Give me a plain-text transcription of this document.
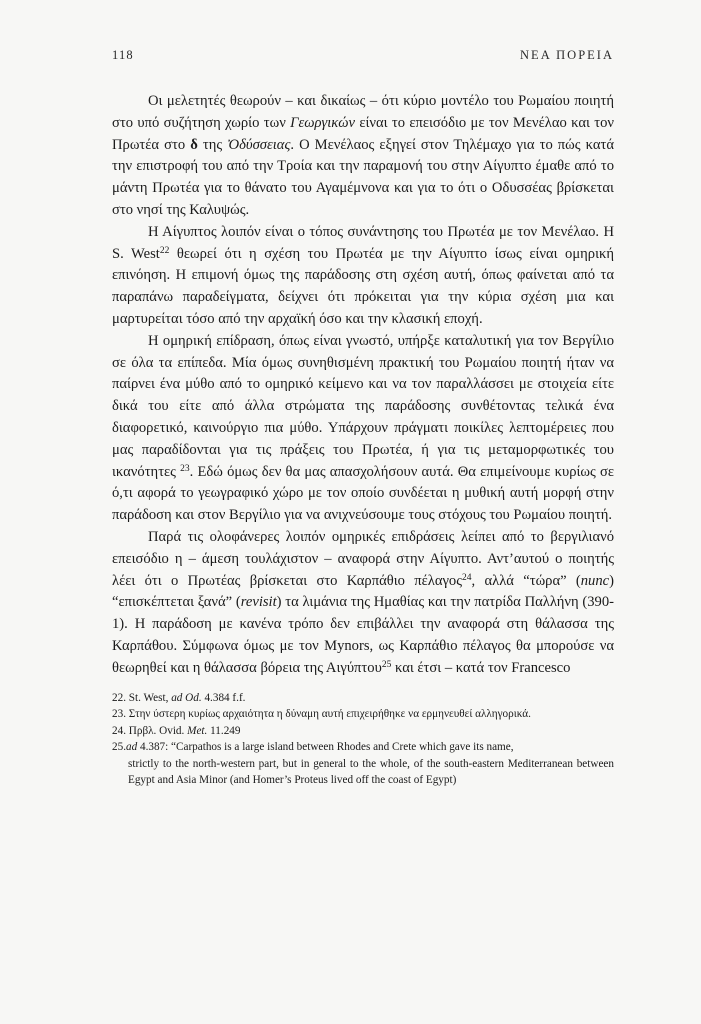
118	ΝΕΑ ΠΟΡΕΙΑ

Οι μελετητές θεωρούν – και δικαίως – ότι κύριο μοντέλο του Ρωμαίου ποιητή στο υπό συζήτηση χωρίο των Γεωργικών είναι το επεισόδιο με τον Μενέλαο και τον Πρωτέα στο δ της Ὀδύσσειας. Ο Μενέλαος εξηγεί στον Τηλέμαχο για το πώς κατά την επιστροφή του από την Τροία και την παραμονή του στην Αίγυπτο έμαθε από το μάντη Πρωτέα για το θάνατο του Αγαμέμνονα και για το ότι ο Οδυσσέας βρίσκεται στο νησί της Καλυψώς.

Η Αίγυπτος λοιπόν είναι ο τόπος συνάντησης του Πρωτέα με τον Μενέλαο. Η S. West$^{22}$ θεωρεί ότι η σχέση του Πρωτέα με την Αίγυπτο ίσως είναι ομηρική επινόηση. Η επιμονή όμως της παράδοσης στη σχέση αυτή, όπως φαίνεται από τα παραπάνω παραδείγματα, δείχνει ότι πρόκειται για την κύρια σχέση μια και μαρτυρείται τόσο από την αρχαϊκή όσο και την κλασική εποχή.

Η ομηρική επίδραση, όπως είναι γνωστό, υπήρξε καταλυτική για τον Βεργίλιο σε όλα τα επίπεδα. Μία όμως συνηθισμένη πρακτική του Ρωμαίου ποιητή ήταν να παίρνει ένα μύθο από το ομηρικό κείμενο και να τον παραλλάσσει με στοιχεία είτε δικά του είτε από άλλα στρώματα της παράδοσης συνθέτοντας τελικά ένα διαφορετικό, καινούργιο πια μύθο. Υπάρχουν πράγματι ποικίλες λεπτομέρειες που μας παραδίδονται για τις πράξεις του Πρωτέα, ή για τις μεταμορφωτικές του ικανότητες $^{23}$. Εδώ όμως δεν θα μας απασχολήσουν αυτά. Θα επιμείνουμε κυρίως σε ό,τι αφορά το γεωγραφικό χώρο με τον οποίο συνδέεται η μυθική αυτή μορφή στην παράδοση και στον Βεργίλιο για να ανιχνεύσουμε τους στόχους του Ρωμαίου ποιητή.

Παρά τις ολοφάνερες λοιπόν ομηρικές επιδράσεις λείπει από το βεργιλιανό επεισόδιο η – άμεση τουλάχιστον – αναφορά στην Αίγυπτο. Αντ’αυτού ο ποιητής λέει ότι ο Πρωτέας βρίσκεται στο Καρπάθιο πέλαγος$^{24}$, αλλά “τώρα” (nunc) “επισκέπτεται ξανά” (revisit) τα λιμάνια της Ημαθίας και την πατρίδα Παλλήνη (390-1). Η παράδοση με κανένα τρόπο δεν επιβάλλει την αναφορά στη θάλασσα της Καρπάθου. Σύμφωνα όμως με τον Mynors, ως Καρπάθιο πέλαγος θα μπορούσε να θεωρηθεί και η θάλασσα βόρεια της Αιγύπτου$^{25}$ και έτσι – κατά τον Francesco

22. St. West, ad Od. 4.384 f.f.

23. Στην ύστερη κυρίως αρχαιότητα η δύναμη αυτή επιχειρήθηκε να ερμηνευθεί αλληγορικά.

24. Πρβλ. Ovid. Met. 11.249

25.ad 4.387: “Carpathos is a large island between Rhodes and Crete which gave its name,
strictly to the north-western part, but in general to the whole, of the south-eastern Mediterranean between Egypt and Asia Minor (and Homer’s Proteus lived off the coast of Egypt)
